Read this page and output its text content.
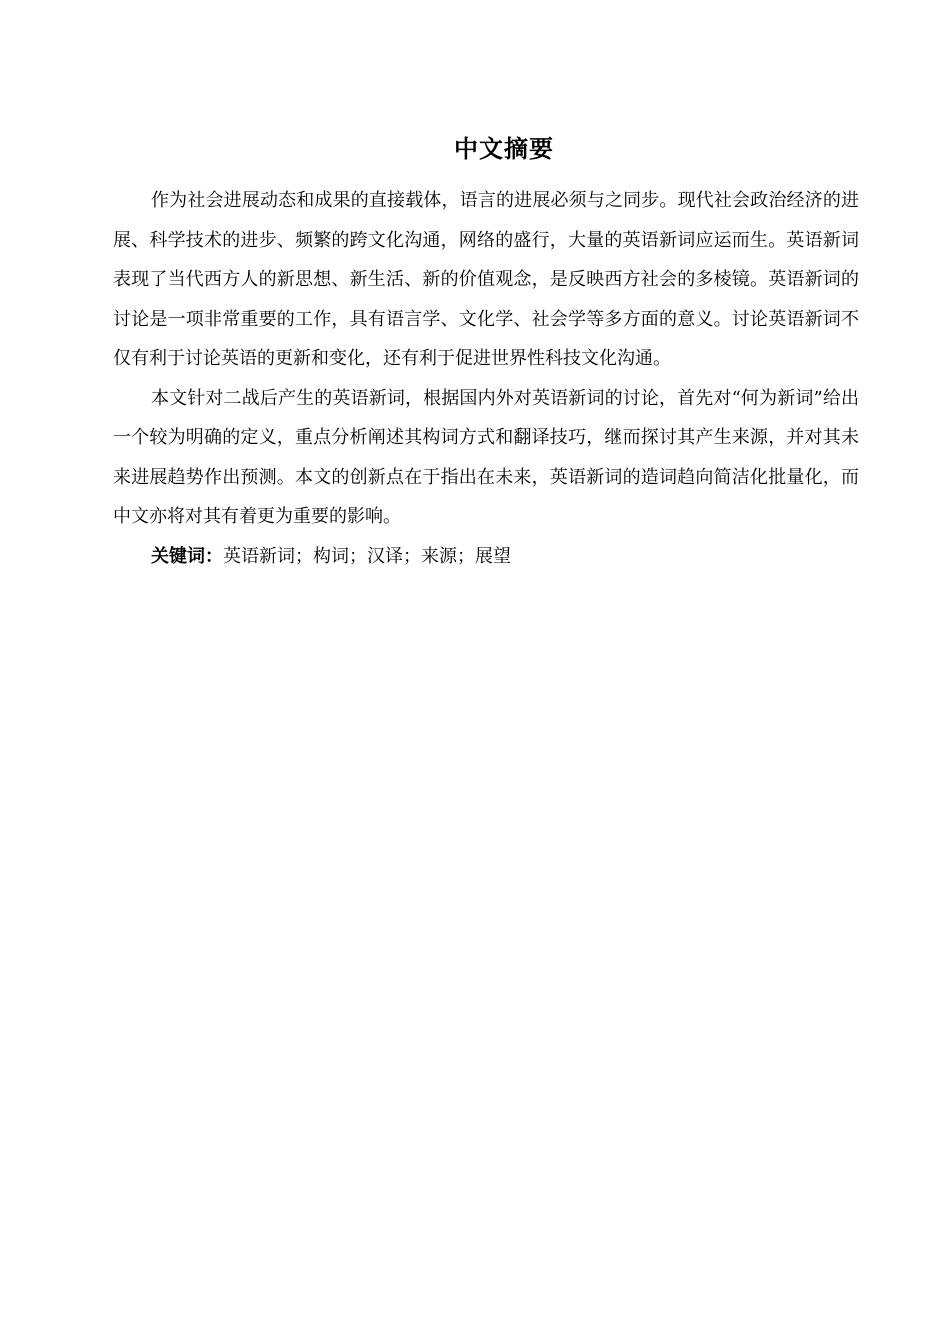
中文摘要

作为社会进展动态和成果的直接载体，语言的进展必须与之同步。现代社会政治经济的进展、科学技术的进步、频繁的跨文化沟通，网络的盛行，大量的英语新词应运而生。英语新词表现了当代西方人的新思想、新生活、新的价值观念，是反映西方社会的多棱镜。英语新词的讨论是一项非常重要的工作，具有语言学、文化学、社会学等多方面的意义。讨论英语新词不仅有利于讨论英语的更新和变化，还有利于促进世界性科技文化沟通。

本文针对二战后产生的英语新词，根据国内外对英语新词的讨论，首先对“何为新词”给出一个较为明确的定义，重点分析阐述其构词方式和翻译技巧，继而探讨其产生来源，并对其未来进展趋势作出预测。本文的创新点在于指出在未来，英语新词的造词趋向简洁化批量化，而中文亦将对其有着更为重要的影响。

关键词：英语新词；构词；汉译；来源；展望
